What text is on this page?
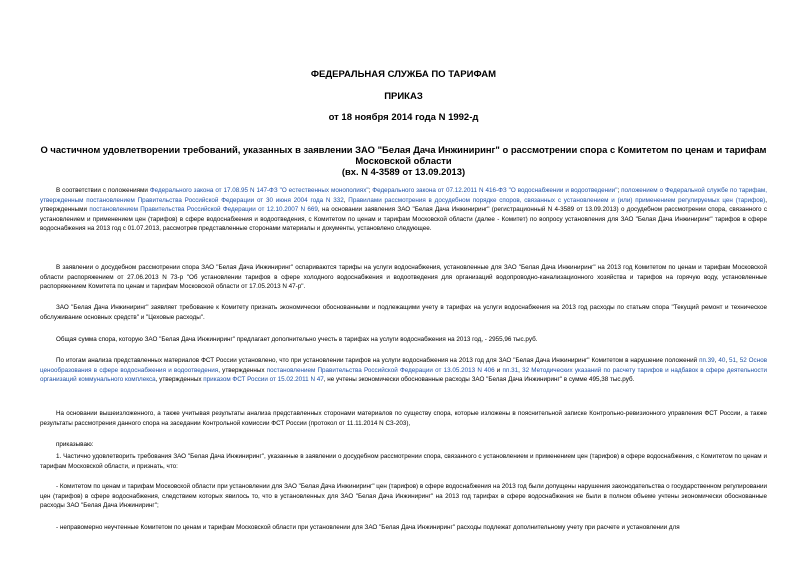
ФЕДЕРАЛЬНАЯ СЛУЖБА ПО ТАРИФАМ
ПРИКАЗ
от 18 ноября 2014 года N 1992-д
О частичном удовлетворении требований, указанных в заявлении ЗАО "Белая Дача Инжиниринг" о рассмотрении спора с Комитетом по ценам и тарифам
Московской области
(вх. N 4-3589 от 13.09.2013)
В соответствии с положениями Федерального закона от 17.08.95 N 147-ФЗ "О естественных монополиях"; Федерального закона от 07.12.2011 N 416-ФЗ "О водоснабжении и водоотведении"; положением о Федеральной службе по тарифам, утвержденным постановлением Правительства Российской Федерации от 30 июня 2004 года N 332, Правилами рассмотрения в досудебном порядке споров, связанных с установлением и (или) применением регулируемых цен (тарифов), утвержденными постановлением Правительства Российской Федерации от 12.10.2007 N 669, на основании заявления ЗАО "Белая Дача Инжиниринг" (регистрационный N 4-3589 от 13.09.2013) о досудебном рассмотрении спора, связанного с установлением и применением цен (тарифов) в сфере водоснабжения и водоотведения, с Комитетом по ценам и тарифам Московской области (далее - Комитет) по вопросу установления для ЗАО "Белая Дача Инжиниринг" тарифов в сфере водоснабжения на 2013 год с 01.07.2013, рассмотрев представленные сторонами материалы и документы, установлено следующее.
В заявлении о досудебном рассмотрении спора ЗАО "Белая Дача Инжиниринг" оспариваются тарифы на услуги водоснабжения, установленные для ЗАО "Белая Дача Инжиниринг" на 2013 год Комитетом по ценам и тарифам Московской области распоряжением от 27.06.2013 N 73-р "Об установлении тарифов в сфере холодного водоснабжения и водоотведения для организаций водопроводно-канализационного хозяйства и тарифов на горячую воду, установленные распоряжением Комитета по ценам и тарифам Московской области от 17.05.2013 N 47-р".
ЗАО "Белая Дача Инжиниринг" заявляет требование к Комитету признать экономически обоснованными и подлежащими учету в тарифах на услуги водоснабжения на 2013 год расходы по статьям спора "Текущий ремонт и техническое обслуживание основных средств" и "Цеховые расходы".
Общая сумма спора, которую ЗАО "Белая Дача Инжиниринг" предлагает дополнительно учесть в тарифах на услуги водоснабжения на 2013 год, - 2955,96 тыс.руб.
По итогам анализа представленных материалов ФСТ России установлено, что при установлении тарифов на услуги водоснабжения на 2013 год для ЗАО "Белая Дача Инжиниринг" Комитетом в нарушение положений пп.39, 40, 51, 52 Основ ценообразования в сфере водоснабжения и водоотведения, утвержденных постановлением Правительства Российской Федерации от 13.05.2013 N 406 и пп.31, 32 Методических указаний по расчету тарифов и надбавок в сфере деятельности организаций коммунального комплекса, утвержденных приказом ФСТ России от 15.02.2011 N 47, не учтены экономически обоснованные расходы ЗАО "Белая Дача Инжиниринг" в сумме 495,38 тыс.руб.
На основании вышеизложенного, а также учитывая результаты анализа представленных сторонами материалов по существу спора, которые изложены в пояснительной записке Контрольно-ревизионного управления ФСТ России, а также результаты рассмотрения данного спора на заседании Контрольной комиссии ФСТ России (протокол от 11.11.2014 N СЗ-203),
приказываю:
1. Частично удовлетворить требования ЗАО "Белая Дача Инжиниринг", указанные в заявлении о досудебном рассмотрении спора, связанного с установлением и применением цен (тарифов) в сфере водоснабжения, с Комитетом по ценам и тарифам Московской области, и признать, что:
- Комитетом по ценам и тарифам Московской области при установлении для ЗАО "Белая Дача Инжиниринг" цен (тарифов) в сфере водоснабжения на 2013 год были допущены нарушения законодательства о государственном регулировании цен (тарифов) в сфере водоснабжения, следствием которых явилось то, что в установленных для ЗАО "Белая Дача Инжиниринг" на 2013 год тарифах в сфере водоснабжения не были в полном объеме учтены экономически обоснованные расходы ЗАО "Белая Дача Инжиниринг";
- неправомерно неучтенные Комитетом по ценам и тарифам Московской области при установлении для ЗАО "Белая Дача Инжиниринг" расходы подлежат дополнительному учету при расчете и установлении для
